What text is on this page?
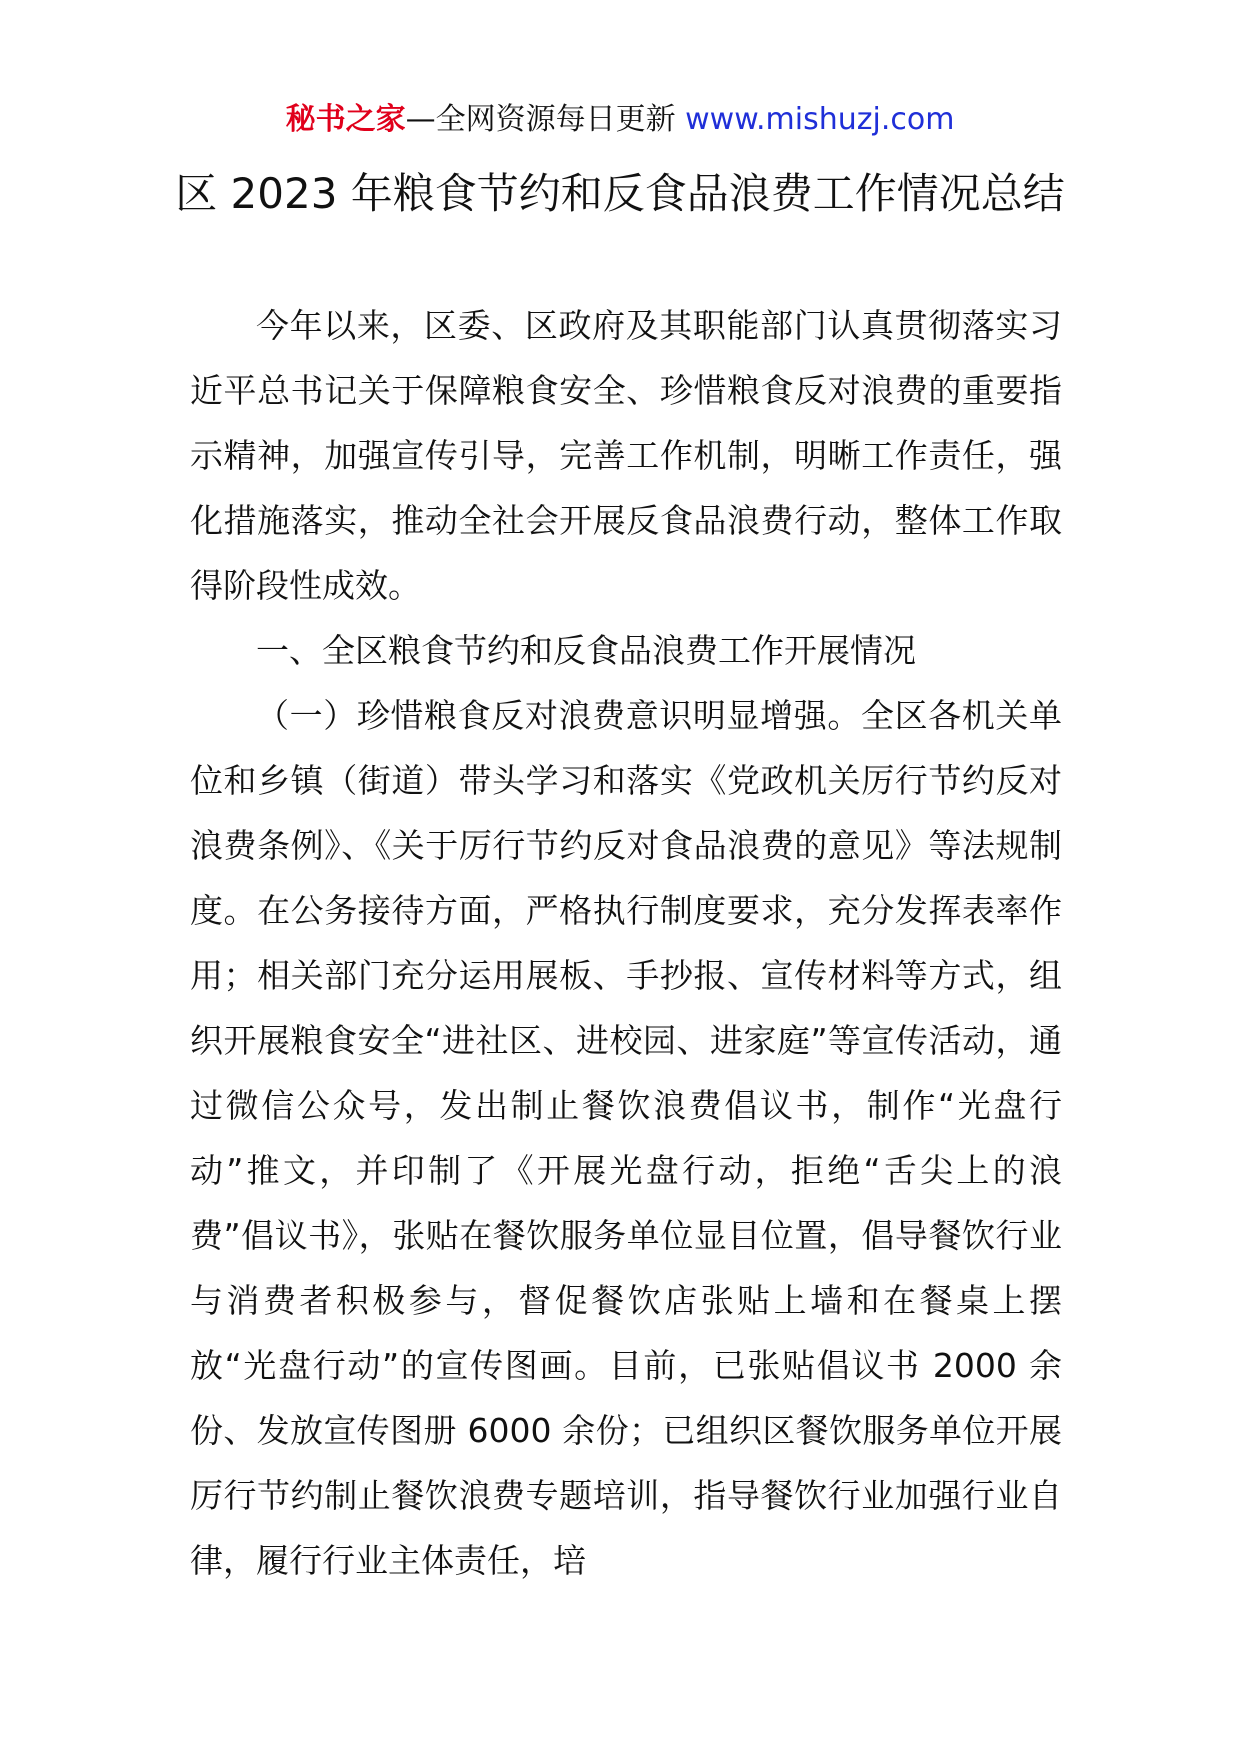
秘书之家—全网资源每日更新 www.mishuzj.com
区 2023 年粮食节约和反食品浪费工作情况总结

今年以来，区委、区政府及其职能部门认真贯彻落实习近平总书记关于保障粮食安全、珍惜粮食反对浪费的重要指示精神，加强宣传引导，完善工作机制，明晰工作责任，强化措施落实，推动全社会开展反食品浪费行动，整体工作取得阶段性成效。

一、全区粮食节约和反食品浪费工作开展情况

（一）珍惜粮食反对浪费意识明显增强。全区各机关单位和乡镇（街道）带头学习和落实《党政机关厉行节约反对浪费条例》、《关于厉行节约反对食品浪费的意见》等法规制度。在公务接待方面，严格执行制度要求，充分发挥表率作用；相关部门充分运用展板、手抄报、宣传材料等方式，组织开展粮食安全“进社区、进校园、进家庭”等宣传活动，通过微信公众号，发出制止餐饮浪费倡议书，制作“光盘行动”推文，并印制了《开展光盘行动，拒绝“舌尖上的浪费”倡议书》，张贴在餐饮服务单位显目位置，倡导餐饮行业与消费者积极参与，督促餐饮店张贴上墙和在餐桌上摆放“光盘行动”的宣传图画。目前，已张贴倡议书 2000 余份、发放宣传图册 6000 余份；已组织区餐饮服务单位开展厉行节约制止餐饮浪费专题培训，指导餐饮行业加强行业自律，履行行业主体责任，培
